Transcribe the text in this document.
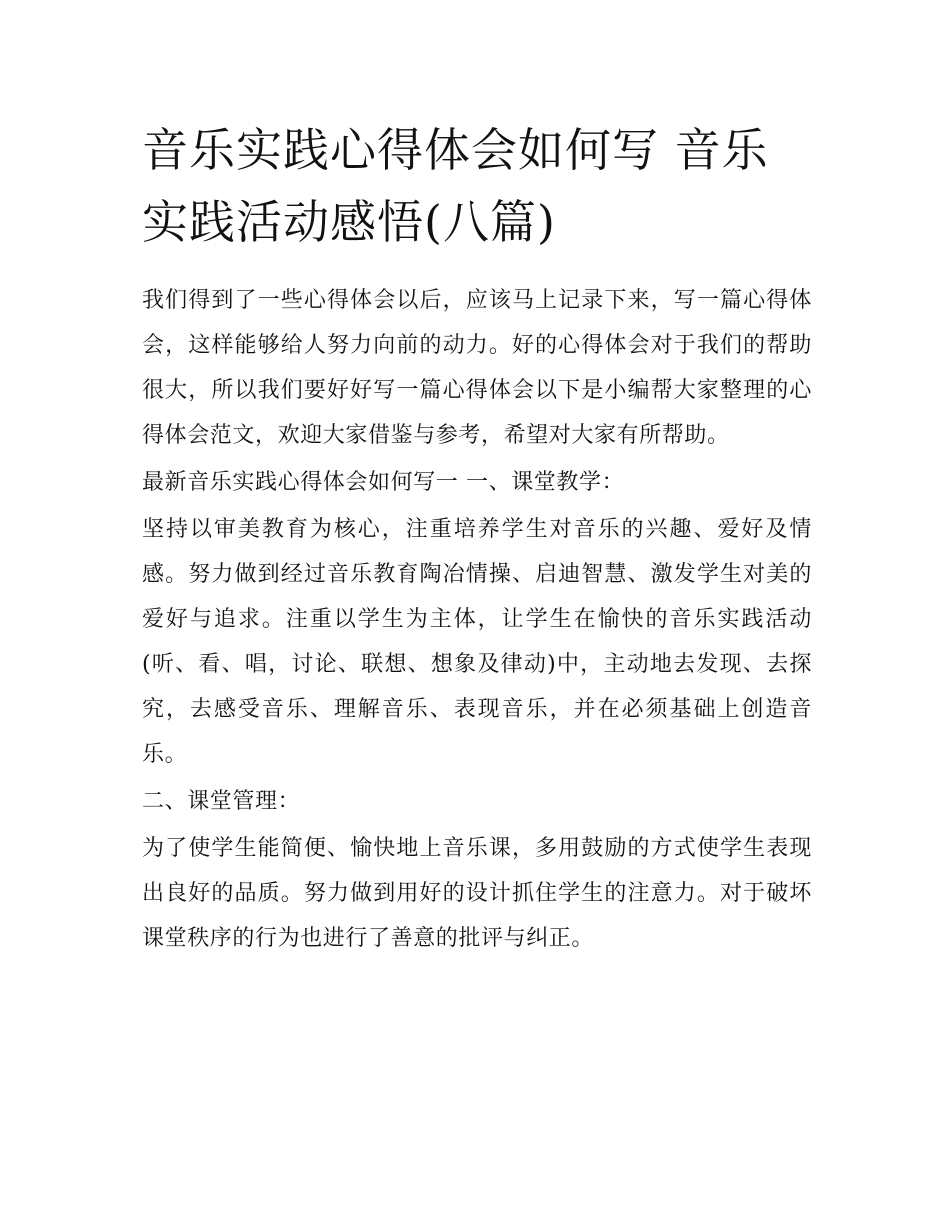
音乐实践心得体会如何写 音乐实践活动感悟(八篇)

我们得到了一些心得体会以后，应该马上记录下来，写一篇心得体会，这样能够给人努力向前的动力。好的心得体会对于我们的帮助很大，所以我们要好好写一篇心得体会以下是小编帮大家整理的心得体会范文，欢迎大家借鉴与参考，希望对大家有所帮助。

最新音乐实践心得体会如何写一 一、课堂教学：

坚持以审美教育为核心，注重培养学生对音乐的兴趣、爱好及情感。努力做到经过音乐教育陶冶情操、启迪智慧、激发学生对美的爱好与追求。注重以学生为主体，让学生在愉快的音乐实践活动(听、看、唱，讨论、联想、想象及律动)中，主动地去发现、去探究，去感受音乐、理解音乐、表现音乐，并在必须基础上创造音乐。

二、课堂管理：

为了使学生能简便、愉快地上音乐课，多用鼓励的方式使学生表现出良好的品质。努力做到用好的设计抓住学生的注意力。对于破坏课堂秩序的行为也进行了善意的批评与纠正。
